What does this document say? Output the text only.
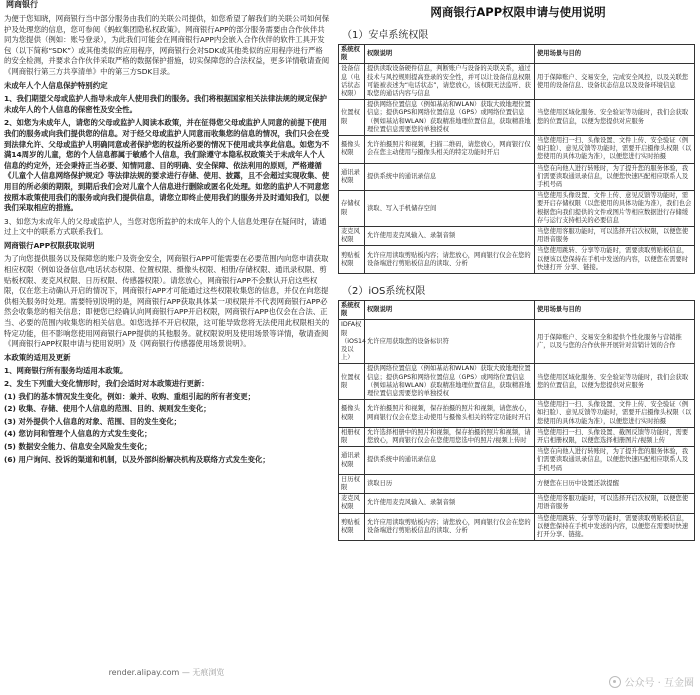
网商银行

为便于您知晓，网商银行当中部分服务由我们的关联公司提供，如您希望了解我们的关联公司如何保护及处理您的信息，您可参阅《蚂蚁集团隐私权政策》。网商银行APP的部分服务需要由合作伙伴共同为您提供（例如：账号登录），为此我们可能会在网商银行APP内会嵌入合作伙伴的软件工具开发包（以下简称“SDK”）或其他类似的应用程序，网商银行会对SDK或其他类似的应用程序进行严格的安全检测，并要求合作伙伴采取严格的数据保护措施，切实保障您的合法权益，更多详情敬请查阅《网商银行第三方共享清单》中的第三方SDK目录。

未成年人个人信息保护特别约定

1、我们期望父母或监护人指导未成年人使用我们的服务。我们将根据国家相关法律法规的规定保护未成年人的个人信息的保密性及安全性。

2、如您为未成年人，请您的父母或监护人阅读本政策，并在征得您父母或监护人同意的前提下使用我们的服务或向我们提供您的信息。对于经父母或监护人同意而收集您的信息的情况，我们只会在受到法律允许、父母或监护人明确同意或者保护您的权益所必要的情况下使用或共享此信息。如您为不满14周岁的儿童，您的个人信息都属于敏感个人信息，我们除遵守本隐私权政策关于未成年人个人信息的约定外，还会秉持正当必要、知情同意、目的明确、安全保障、依法利用的原则，严格遵循《儿童个人信息网络保护规定》等法律法规的要求进行存储、使用、披露，且不会超过实现收集、使用目的所必须的期限，到期后我们会对儿童个人信息进行删除或匿名化处理。如您的监护人不同意您按照本政策使用我们的服务或向我们提供信息，请您立即终止使用我们的服务并及时通知我们，以便我们采取相应的措施。

3、如您为未成年人的父母或监护人，当您对您所监护的未成年人的个人信息处理存在疑问时，请通过上文中的联系方式联系我们。

网商银行APP权限获取说明

为了向您提供服务以及保障您的账户及资金安全，网商银行APP可能需要在必要范围内向您申请获取相应权限（例如设备信息/电话状态权限、位置权限、摄像头权限、相册/存储权限、通讯录权限、剪贴板权限、麦克风权限、日历权限、传感器权限）。请您放心，网商银行APP不会默认开启这些权限，仅在您主动确认开启的情况下，网商银行APP才可能通过这些权限收集您的信息，并仅在向您提供相关服务时处理。需要特别说明的是，网商银行APP获取具体某一项权限并不代表网商银行APP必然会收集您的相关信息；即便您已经确认向网商银行APP开启权限，网商银行APP也仅会在合法、正当、必要的范围内收集您的相关信息。如您选择不开启权限，这可能导致您将无法使用此权限相关的特定功能，但不影响您使用网商银行APP提供的其他服务。就权限说明及使用场景等详情，敬请查阅《网商银行APP权限申请与使用说明》及《网商银行传感器使用场景说明》。

本政策的适用及更新

1、网商银行所有服务均适用本政策。

2、发生下列重大变化情形时，我们会适时对本政策进行更新：

(1) 我们的基本情况发生变化，例如：兼并、收购、重组引起的所有者变更；

(2) 收集、存储、使用个人信息的范围、目的、规则发生变化；

(3) 对外提供个人信息的对象、范围、目的发生变化；

(4) 您访问和管理个人信息的方式发生变化；

(5) 数据安全能力、信息安全风险发生变化；

(6) 用户询问、投诉的渠道和机制，以及外部纠纷解决机构及联络方式发生变化；

render.alipay.com — 无痕浏览
网商银行APP权限申请与使用说明
（1）安卓系统权限
系统权限	权限说明	使用场景与目的
设备信息（电话状态权限）	提供读取设备硬件信息，判断账户与设备的关联关系，通过技术与风控规则提高登录的安全性，并可以让设备信息权限可能被表述为“电话状态”，请您放心，该权限无法监听、获取您的通话内容与信息	用于保障账户、交易安全，完成安全风控，以及关联您使用的设备信息、设备状态信息以及设备环境信息
位置权限	提供网络位置信息（例如基站和WLAN）获取大致地理位置信息；提供GPS和网络位置信息（GPS）或网络位置信息（例如基站和WLAN）获取精准地理位置信息，获取精准地理位置信息需要您的单独授权	当您使用区域化服务、安全验证等功能时，我们会获取您的位置信息，以便为您提供对应服务
摄像头权限	允许拍摄照片和视频，扫描二维码，请您放心，网商银行仅会在您主动使用与摄像头相关的特定功能时开启	当您使用扫一扫、头像设置、文件上传、安全验证（例如扫脸）、意见反馈等功能时，需要开启摄像头权限（以您使用的具体功能为准），以便您进行实时拍摄
通讯录权限	提供系统中的通讯录信息	当您在向他人进行转账时，为了提升您的服务体验，我们需要读取通讯录信息，以便您快速匹配相应联系人及手机号码
存储权限	读取、写入手机储存空间	当您使用头像设置、文件上传、意见反馈等功能时，需要开启存储权限（以您使用的具体功能为准），我们也会根据您向我们提供的文件或图片等相应数据进行存储缓存与运行支持相关的必要信息
麦克风权限	允许使用麦克风输入、录制音频	当您使用客服功能时，可以选择开启次权限，以便您使用语音服务
剪贴板权限	允许应用读取剪贴板内容；请您放心，网商银行仅会在您的设备端进行剪贴板信息的读取、分析	当您使用跳转、分享等功能时，需要读取剪贴板信息，以便该以您保持在手机中发送的内容，以便您在需要时快速打开 分享、链接。
（2）iOS系统权限
系统权限	权限说明	使用场景与目的
IDFA权限（iOS14及以上）	允许应用获取您的设备标识符	用于保障账户、交易安全和提供个性化服务与营销推广，以及与您的合作伙伴开展针对营销计划的合作
位置权限	提供网络位置信息（例如基站和WLAN）获取大致地理位置信息；提供GPS和网络位置信息（GPS）或网络位置信息（例如基站和WLAN）获取精准地理位置信息，获取精准地理位置信息需要您的单独授权	当您使用区域化服务、安全验证等功能时，我们会获取您的位置信息，以便为您提供对应服务
摄像头权限	允许拍摄照片和视频，保存拍摄的照片和视频，请您放心，网商银行仅会在您主动使用与摄像头相关的特定功能时开启	当您使用扫一扫、头像设置、文件上传、安全验证（例如扫脸）、意见反馈等功能时，需要开启摄像头权限（以您使用的具体功能为准），以便您进行实时拍摄
相册权限	允许选择相册中的照片和视频，保存拍摄的照片和视频，请您放心，网商银行仅会在您使用您选中的照片/视频上传时	当您使用扫一扫、头像设置、截图反馈等功能时，需要开启相册权限，以便您选择相册图片/视频上传
通讯录权限	提供系统中的通讯录信息	当您在向他人进行转账时，为了提升您的服务体验，我们需要读取通讯录信息，以便您快速匹配相应联系人及手机号码
日历权限	读取日历	方便您在日历中设置还款提醒
麦克风权限	允许使用麦克风输入、录制音频	当您使用客服功能时，可以选择开启次权限，以便您使用语音服务
剪贴板权限	允许应用读取剪贴板内容；请您放心，网商银行仅会在您的设备端进行剪贴板信息的读取、分析	当您使用跳转、分享等功能时，需要读取剪贴板信息，以便您保持在手机中发送的内容，以便您在需要时快速打开分享、链接。
公众号 · 互金圈
